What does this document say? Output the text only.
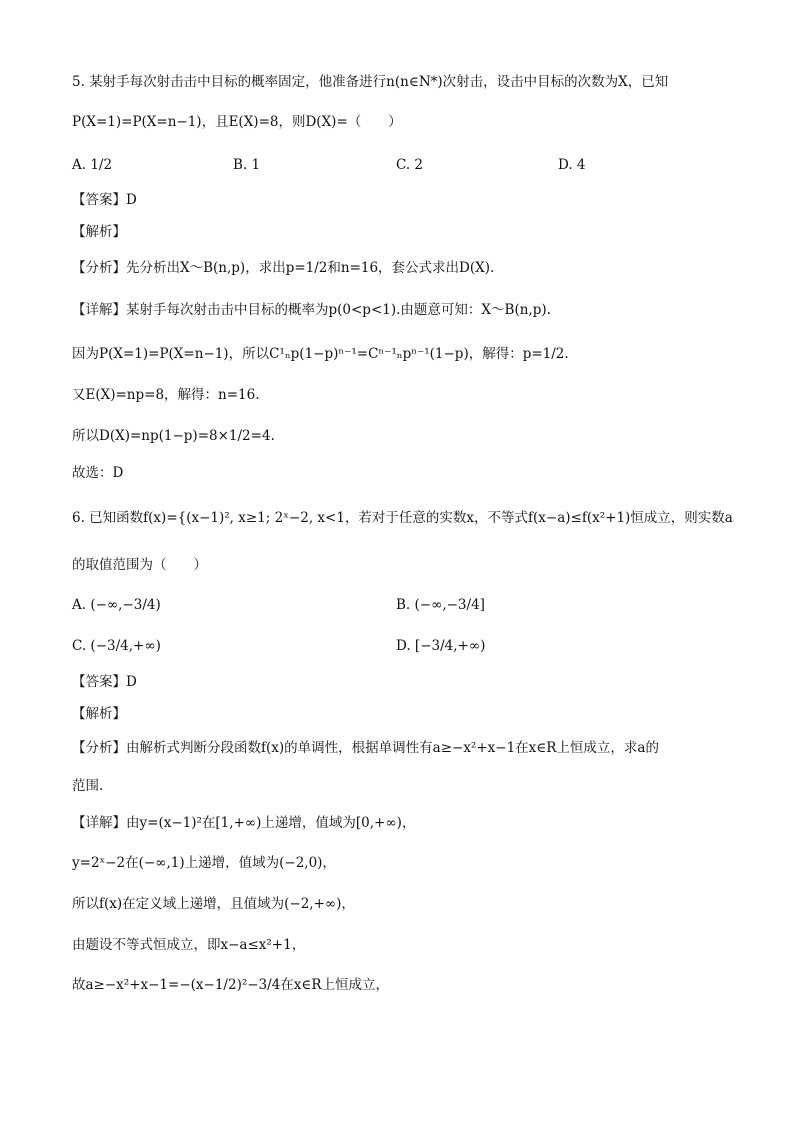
5. 某射手每次射击击中目标的概率固定，他准备进行n(n∈N*)次射击，设击中目标的次数为X，已知
P(X=1)=P(X=n−1)，且E(X)=8，则D(X)=（　　）
A. 1/2	B. 1	C. 2	D. 4
【答案】D
【解析】
【分析】先分析出X～B(n,p)，求出p=1/2和n=16，套公式求出D(X).
【详解】某射手每次射击击中目标的概率为p(0<p<1).由题意可知：X～B(n,p).
因为P(X=1)=P(X=n−1)，所以C¹ₙp(1−p)ⁿ⁻¹=Cⁿ⁻¹ₙpⁿ⁻¹(1−p)，解得：p=1/2.
又E(X)=np=8，解得：n=16.
所以D(X)=np(1−p)=8×1/2=4.
故选：D
6. 已知函数f(x)={(x−1)², x≥1; 2ˣ−2, x<1，若对于任意的实数x，不等式f(x−a)≤f(x²+1)恒成立，则实数a
的取值范围为（　　）
A. (−∞,−3/4)	B. (−∞,−3/4]
C. (−3/4,+∞)	D. [−3/4,+∞)
【答案】D
【解析】
【分析】由解析式判断分段函数f(x)的单调性，根据单调性有a≥−x²+x−1在x∈R上恒成立，求a的
范围.
【详解】由y=(x−1)²在[1,+∞)上递增，值域为[0,+∞)，
y=2ˣ−2在(−∞,1)上递增，值域为(−2,0)，
所以f(x)在定义域上递增，且值域为(−2,+∞)，
由题设不等式恒成立，即x−a≤x²+1，
故a≥−x²+x−1=−(x−1/2)²−3/4在x∈R上恒成立，
